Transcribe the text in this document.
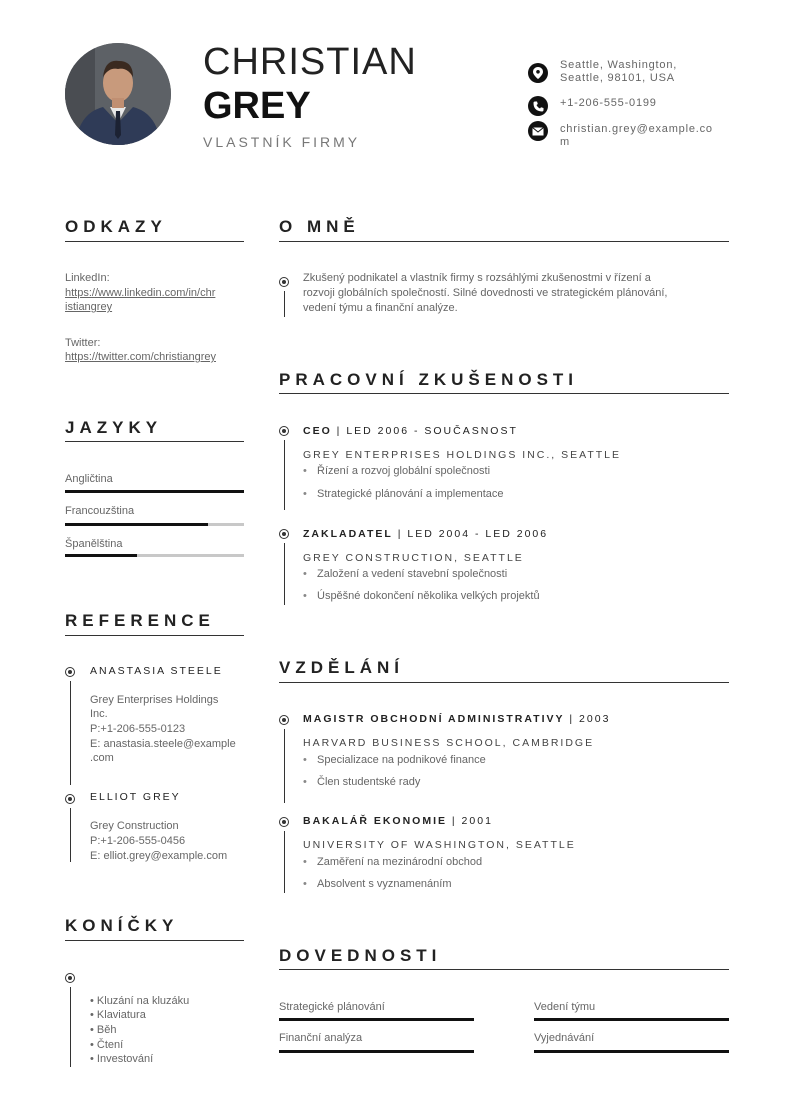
CHRISTIAN
GREY
VLASTNÍK FIRMY
Seattle, Washington,
Seattle, 98101, USA
+1-206-555-0199
christian.grey@example.co
m
ODKAZY
LinkedIn:
https://www.linkedin.com/in/chr
istiangrey
Twitter:
https://twitter.com/christiangrey
JAZYKY
Angličtina
Francouzština
Španělština
REFERENCE
ANASTASIA STEELE
Grey Enterprises Holdings
Inc.
P:+1-206-555-0123
E: anastasia.steele@example
.com
ELLIOT GREY
Grey Construction
P:+1-206-555-0456
E: elliot.grey@example.com
KONÍČKY
• Kluzání na kluzáku
• Klaviatura
• Běh
• Čtení
• Investování
O MNĚ
Zkušený podnikatel a vlastník firmy s rozsáhlými zkušenostmi v řízení a
rozvoji globálních společností. Silné dovednosti ve strategickém plánování,
vedení týmu a finanční analýze.
PRACOVNÍ ZKUŠENOSTI
CEO | LED 2006 - SOUČASNOST
GREY ENTERPRISES HOLDINGS INC., SEATTLE
• Řízení a rozvoj globální společnosti
• Strategické plánování a implementace
ZAKLADATEL | LED 2004 - LED 2006
GREY CONSTRUCTION, SEATTLE
• Založení a vedení stavební společnosti
• Úspěšné dokončení několika velkých projektů
VZDĚLÁNÍ
MAGISTR OBCHODNÍ ADMINISTRATIVY | 2003
HARVARD BUSINESS SCHOOL, CAMBRIDGE
• Specializace na podnikové finance
• Člen studentské rady
BAKALÁŘ EKONOMIE | 2001
UNIVERSITY OF WASHINGTON, SEATTLE
• Zaměření na mezinárodní obchod
• Absolvent s vyznamenáním
DOVEDNOSTI
Strategické plánování	Vedení týmu
Finanční analýza	Vyjednávání
